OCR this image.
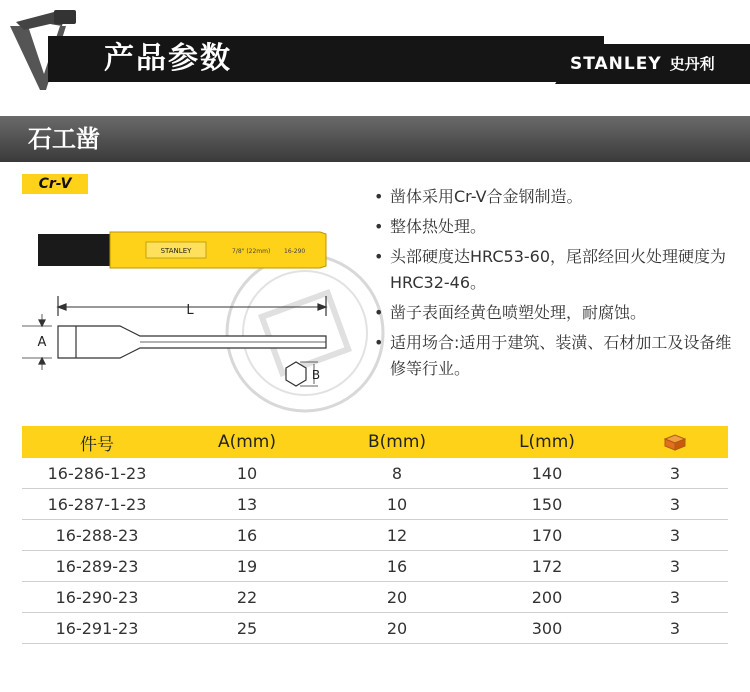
产品参数	STANLEY 史丹利
石工凿
Cr-V
STANLEY	7/8" (22mm) 16-290
L
A
B
• 凿体采用Cr-V合金钢制造。
• 整体热处理。
• 头部硬度达HRC53-60，尾部经回火处理硬度为HRC32-46。
• 凿子表面经黄色喷塑处理，耐腐蚀。
• 适用场合:适用于建筑、装潢、石材加工及设备维修等行业。
件号	A(mm)	B(mm)	L(mm)	
16-286-1-23	10	8	140	3
16-287-1-23	13	10	150	3
16-288-23	16	12	170	3
16-289-23	19	16	172	3
16-290-23	22	20	200	3
16-291-23	25	20	300	3
